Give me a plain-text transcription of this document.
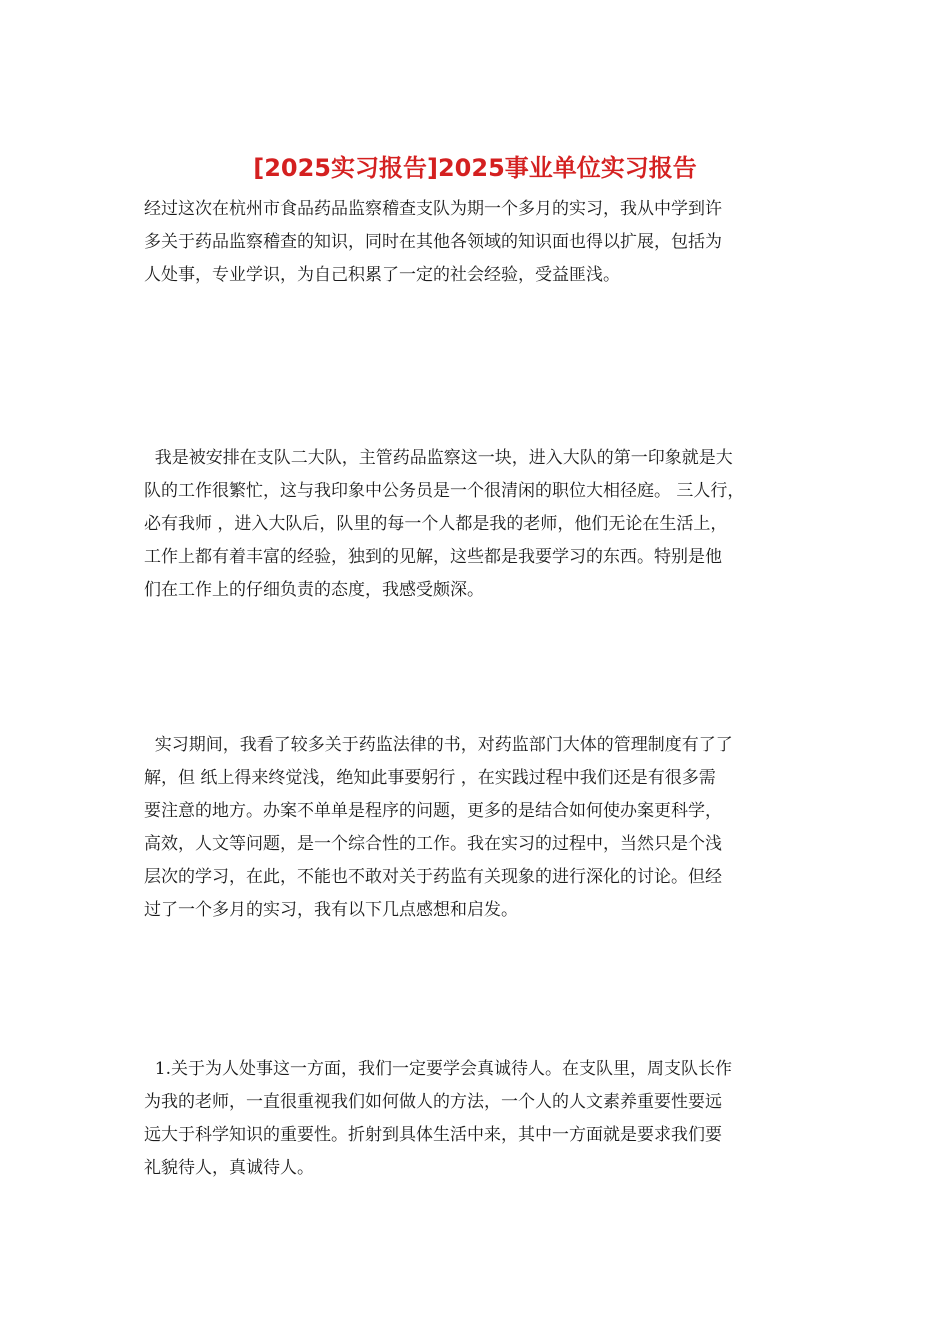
[2025实习报告]2025事业单位实习报告
经过这次在杭州市食品药品监察稽查支队为期一个多月的实习，我从中学到许
多关于药品监察稽查的知识，同时在其他各领域的知识面也得以扩展，包括为
人处事，专业学识，为自己积累了一定的社会经验，受益匪浅。
我是被安排在支队二大队，主管药品监察这一块，进入大队的第一印象就是大
队的工作很繁忙，这与我印象中公务员是一个很清闲的职位大相径庭。 三人行，
必有我师 ，进入大队后，队里的每一个人都是我的老师，他们无论在生活上，
工作上都有着丰富的经验，独到的见解，这些都是我要学习的东西。特别是他
们在工作上的仔细负责的态度，我感受颇深。
实习期间，我看了较多关于药监法律的书，对药监部门大体的管理制度有了了
解，但 纸上得来终觉浅，绝知此事要躬行 ，在实践过程中我们还是有很多需
要注意的地方。办案不单单是程序的问题，更多的是结合如何使办案更科学，
高效，人文等问题，是一个综合性的工作。我在实习的过程中，当然只是个浅
层次的学习，在此，不能也不敢对关于药监有关现象的进行深化的讨论。但经
过了一个多月的实习，我有以下几点感想和启发。
1.关于为人处事这一方面，我们一定要学会真诚待人。在支队里，周支队长作
为我的老师，一直很重视我们如何做人的方法，一个人的人文素养重要性要远
远大于科学知识的重要性。折射到具体生活中来，其中一方面就是要求我们要
礼貌待人，真诚待人。
